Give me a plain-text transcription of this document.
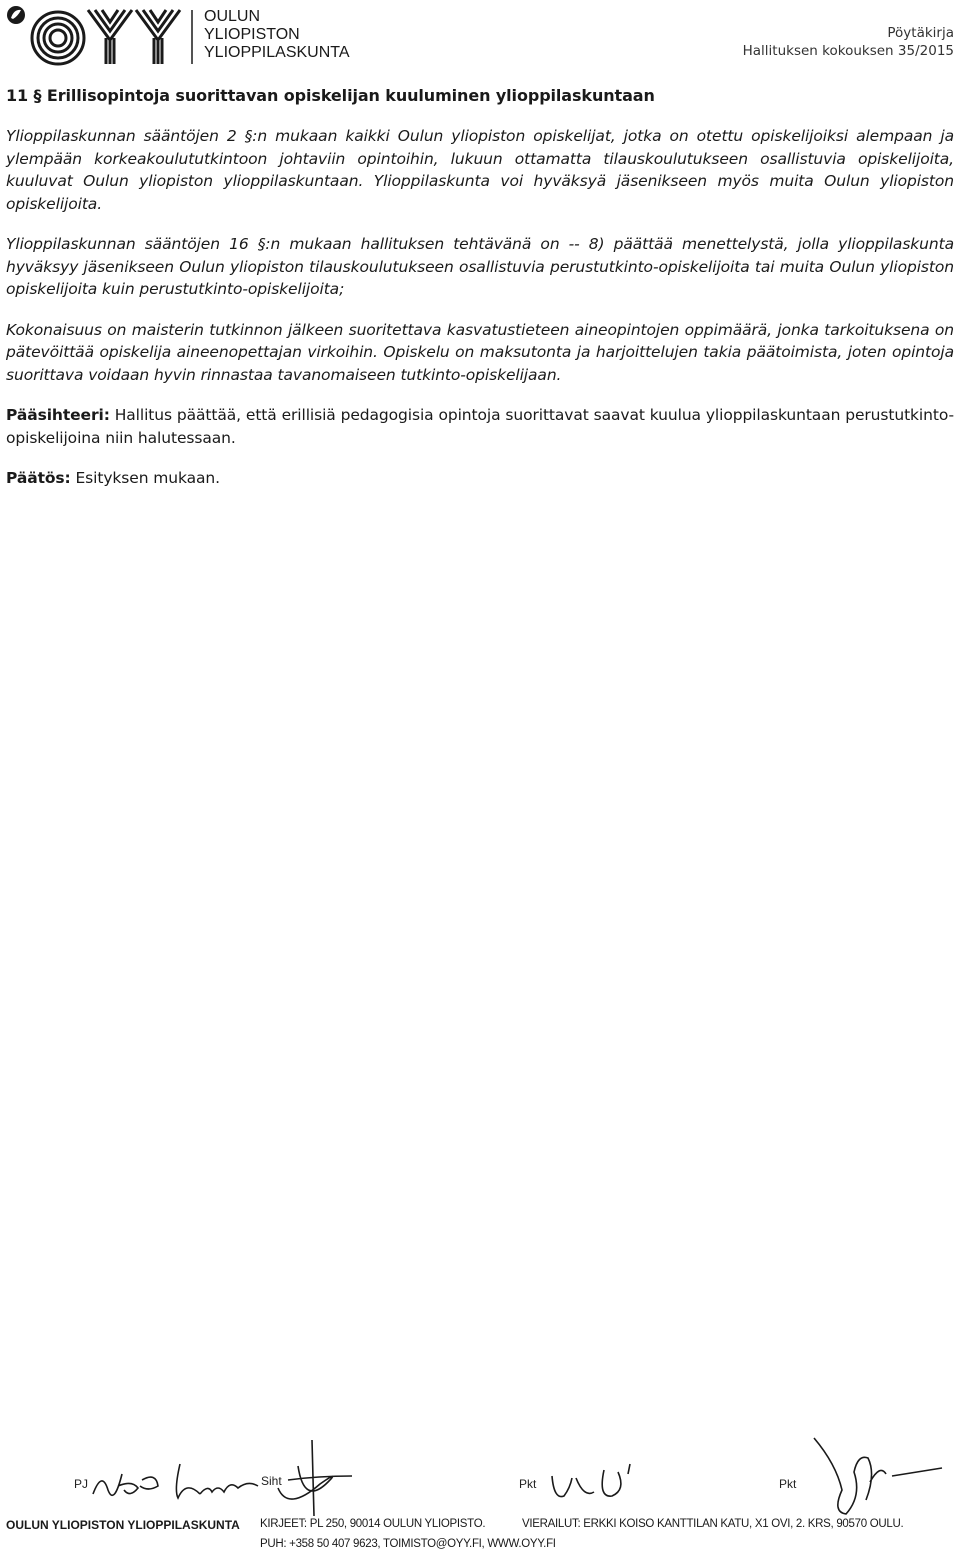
OULUN
YLIOPISTON
YLIOPPILASKUNTA
Pöytäkirja
Hallituksen kokouksen 35/2015
11 § Erillisopintoja suorittavan opiskelijan kuuluminen ylioppilaskuntaan

Ylioppilaskunnan sääntöjen 2 §:n mukaan kaikki Oulun yliopiston opiskelijat, jotka on otettu opiskelijoiksi alempaan ja ylempään korkeakoulututkintoon johtaviin opintoihin, lukuun ottamatta tilauskoulutukseen osallistuvia opiskelijoita, kuuluvat Oulun yliopiston ylioppilaskuntaan. Ylioppilaskunta voi hyväksyä jäsenikseen myös muita Oulun yliopiston opiskelijoita.

Ylioppilaskunnan sääntöjen 16 §:n mukaan hallituksen tehtävänä on -- 8) päättää menettelystä, jolla ylioppilaskunta hyväksyy jäsenikseen Oulun yliopiston tilauskoulutukseen osallistuvia perustutkinto-opiskelijoita tai muita Oulun yliopiston opiskelijoita kuin perustutkinto-opiskelijoita;

Kokonaisuus on maisterin tutkinnon jälkeen suoritettava kasvatustieteen aineopintojen oppimäärä, jonka tarkoituksena on pätevöittää opiskelija aineenopettajan virkoihin. Opiskelu on maksutonta ja harjoittelujen takia päätoimista, joten opintoja suorittava voidaan hyvin rinnastaa tavanomaiseen tutkinto-opiskelijaan.

Pääsihteeri: Hallitus päättää, että erillisiä pedagogisia opintoja suorittavat saavat kuulua ylioppilaskuntaan perustutkinto-opiskelijoina niin halutessaan.

Päätös: Esityksen mukaan.

PJ	Siht	Pkt	Pkt
OULUN YLIOPISTON YLIOPPILASKUNTA KIRJEET: PL 250, 90014 OULUN YLIOPISTO.	VIERAILUT: ERKKI KOISO KANTTILAN KATU, X1 OVI, 2. KRS, 90570 OULU.
PUH: +358 50 407 9623, TOIMISTO@OYY.FI, WWW.OYY.FI
